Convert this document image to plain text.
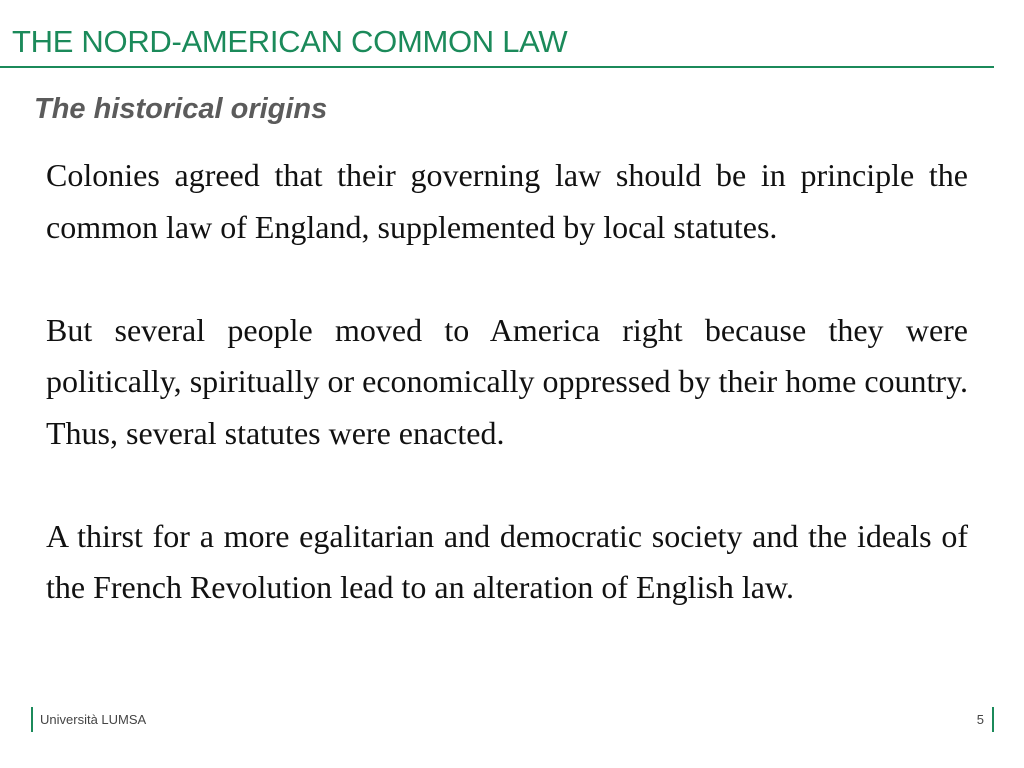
THE NORD-AMERICAN COMMON LAW
The historical origins

Colonies agreed that their governing law should be in principle the common law of England, supplemented by local statutes.

But several people moved to America right because they were politically, spiritually or economically oppressed by their home country. Thus, several statutes were enacted.

A thirst for a more egalitarian and democratic society and the ideals of the French Revolution lead to an alteration of English law.

Università LUMSA	5
